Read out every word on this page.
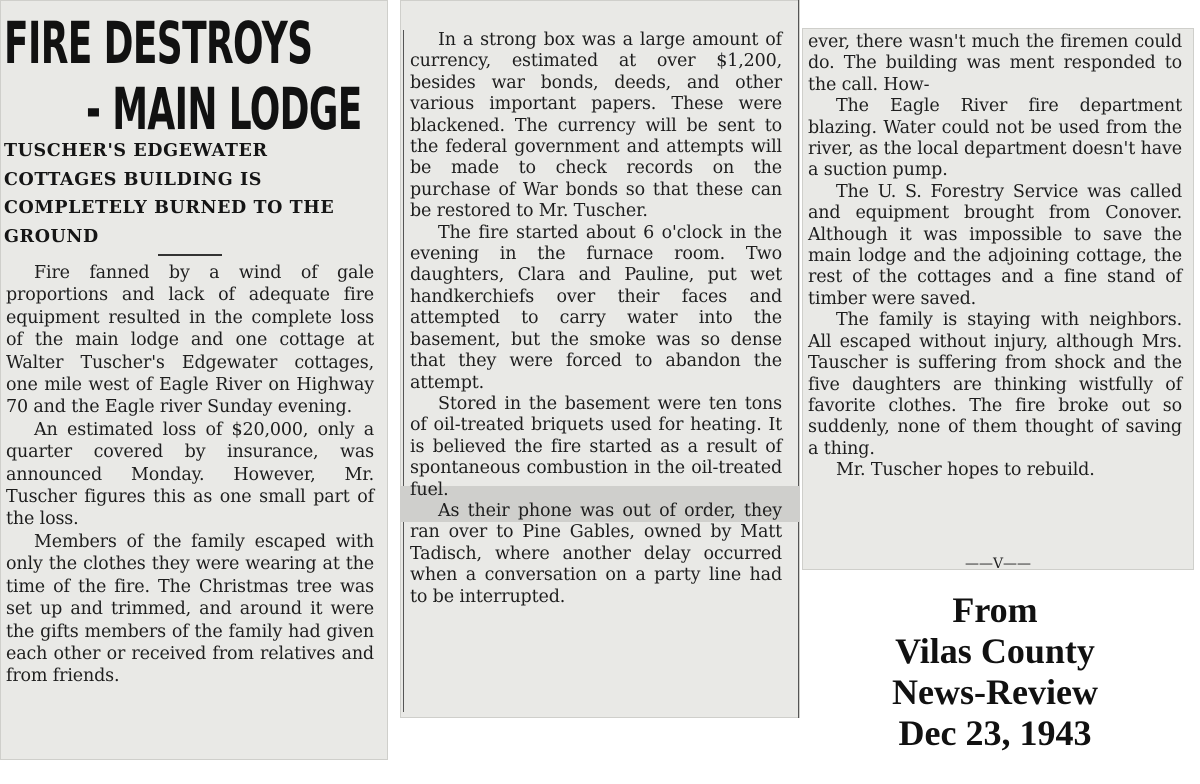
FIRE DESTROYS
- MAIN LODGE
TUSCHER'S EDGEWATER COTTAGES BUILDING IS COMPLETELY BURNED TO THE GROUND

Fire fanned by a wind of gale proportions and lack of adequate fire equipment resulted in the complete loss of the main lodge and one cottage at Walter Tuscher's Edgewater cottages, one mile west of Eagle River on Highway 70 and the Eagle river Sunday evening.

An estimated loss of $20,000, only a quarter covered by insurance, was announced Monday. However, Mr. Tuscher figures this as one small part of the loss.

Members of the family escaped with only the clothes they were wearing at the time of the fire. The Christmas tree was set up and trimmed, and around it were the gifts members of the family had given each other or received from relatives and from friends.

In a strong box was a large amount of currency, estimated at over $1,200, besides war bonds, deeds, and other various important papers. These were blackened. The currency will be sent to the federal government and attempts will be made to check records on the purchase of War bonds so that these can be restored to Mr. Tuscher.

The fire started about 6 o'clock in the evening in the furnace room. Two daughters, Clara and Pauline, put wet handkerchiefs over their faces and attempted to carry water into the basement, but the smoke was so dense that they were forced to abandon the attempt.

Stored in the basement were ten tons of oil-treated briquets used for heating. It is believed the fire started as a result of spontaneous combustion in the oil-treated fuel.

As their phone was out of order, they ran over to Pine Gables, owned by Matt Tadisch, where another delay occurred when a conversation on a party line had to be interrupted.

ever, there wasn't much the firemen could do. The building was ment responded to the call. How-

The Eagle River fire department blazing. Water could not be used from the river, as the local department doesn't have a suction pump.

The U. S. Forestry Service was called and equipment brought from Conover. Although it was impossible to save the main lodge and the adjoining cottage, the rest of the cottages and a fine stand of timber were saved.

The family is staying with neighbors. All escaped without injury, although Mrs. Tauscher is suffering from shock and the five daughters are thinking wistfully of favorite clothes. The fire broke out so suddenly, none of them thought of saving a thing.

Mr. Tuscher hopes to rebuild.

——V——
From
Vilas County
News-Review
Dec 23, 1943
